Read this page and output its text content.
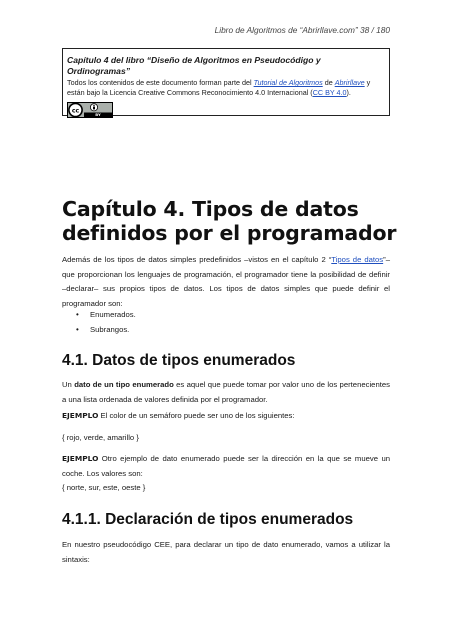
Libro de Algoritmos de “Abrirllave.com” 38 / 180
Capítulo 4 del libro “Diseño de Algoritmos en Pseudocódigo y Ordinogramas”
Todos los contenidos de este documento forman parte del Tutorial de Algoritmos de Abrirllave y están bajo la Licencia Creative Commons Reconocimiento 4.0 Internacional (CC BY 4.0).
cc
BY
Capítulo 4. Tipos de datos definidos por el programador
Además de los tipos de datos simples predefinidos –vistos en el capítulo 2 “Tipos de datos”– que proporcionan los lenguajes de programación, el programador tiene la posibilidad de definir –declarar– sus propios tipos de datos. Los tipos de datos simples que puede definir el programador son:
•	Enumerados.
•	Subrangos.
4.1. Datos de tipos enumerados
Un dato de un tipo enumerado es aquel que puede tomar por valor uno de los pertenecientes a una lista ordenada de valores definida por el programador.
EJEMPLO El color de un semáforo puede ser uno de los siguientes:
{ rojo, verde, amarillo }
EJEMPLO Otro ejemplo de dato enumerado puede ser la dirección en la que se mueve un coche. Los valores son:
{ norte, sur, este, oeste }
4.1.1. Declaración de tipos enumerados
En nuestro pseudocódigo CEE, para declarar un tipo de dato enumerado, vamos a utilizar la sintaxis:
